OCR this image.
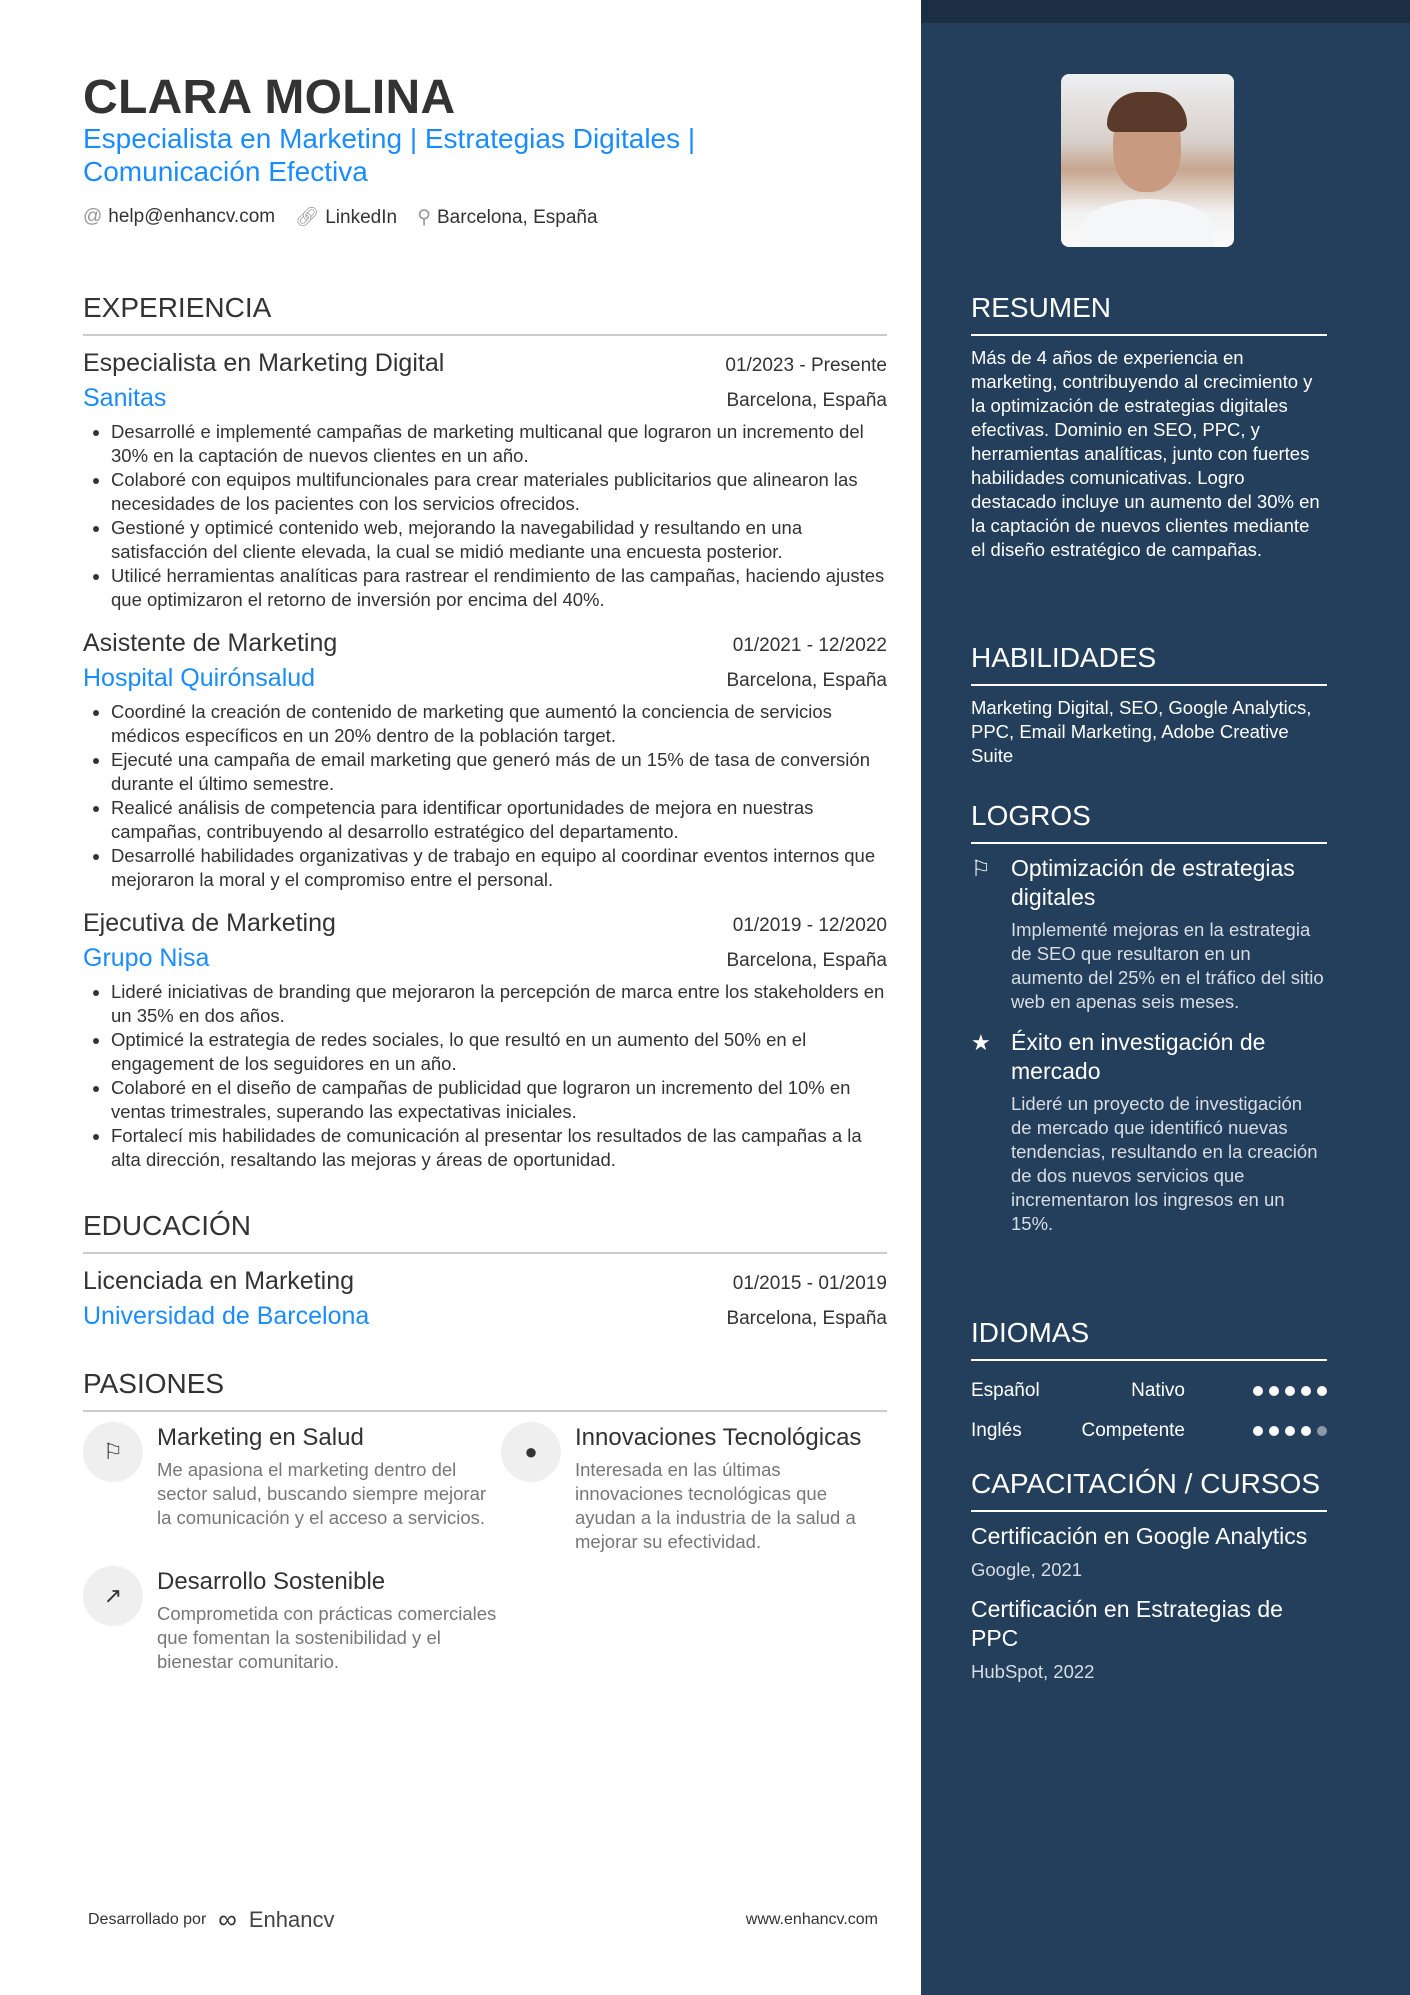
CLARA MOLINA
Especialista en Marketing | Estrategias Digitales | Comunicación Efectiva
@ help@enhancv.com 🔗︎ LinkedIn ⚲ Barcelona, España
EXPERIENCIA
Especialista en Marketing Digital	01/2023 - Presente
Sanitas	Barcelona, España
• Desarrollé e implementé campañas de marketing multicanal que lograron un incremento del 30% en la captación de nuevos clientes en un año.
• Colaboré con equipos multifuncionales para crear materiales publicitarios que alinearon las necesidades de los pacientes con los servicios ofrecidos.
• Gestioné y optimicé contenido web, mejorando la navegabilidad y resultando en una satisfacción del cliente elevada, la cual se midió mediante una encuesta posterior.
• Utilicé herramientas analíticas para rastrear el rendimiento de las campañas, haciendo ajustes que optimizaron el retorno de inversión por encima del 40%.
Asistente de Marketing	01/2021 - 12/2022
Hospital Quirónsalud	Barcelona, España
• Coordiné la creación de contenido de marketing que aumentó la conciencia de servicios médicos específicos en un 20% dentro de la población target.
• Ejecuté una campaña de email marketing que generó más de un 15% de tasa de conversión durante el último semestre.
• Realicé análisis de competencia para identificar oportunidades de mejora en nuestras campañas, contribuyendo al desarrollo estratégico del departamento.
• Desarrollé habilidades organizativas y de trabajo en equipo al coordinar eventos internos que mejoraron la moral y el compromiso entre el personal.
Ejecutiva de Marketing	01/2019 - 12/2020
Grupo Nisa	Barcelona, España
• Lideré iniciativas de branding que mejoraron la percepción de marca entre los stakeholders en un 35% en dos años.
• Optimicé la estrategia de redes sociales, lo que resultó en un aumento del 50% en el engagement de los seguidores en un año.
• Colaboré en el diseño de campañas de publicidad que lograron un incremento del 10% en ventas trimestrales, superando las expectativas iniciales.
• Fortalecí mis habilidades de comunicación al presentar los resultados de las campañas a la alta dirección, resaltando las mejoras y áreas de oportunidad.
EDUCACIÓN
Licenciada en Marketing	01/2015 - 01/2019
Universidad de Barcelona	Barcelona, España
PASIONES
⚐
Marketing en Salud
Me apasiona el marketing dentro del sector salud, buscando siempre mejorar la comunicación y el acceso a servicios.
●
Innovaciones Tecnológicas
Interesada en las últimas innovaciones tecnológicas que ayudan a la industria de la salud a mejorar su efectividad.
↗
Desarrollo Sostenible
Comprometida con prácticas comerciales que fomentan la sostenibilidad y el bienestar comunitario.
Desarrollado por ∞ Enhancv	www.enhancv.com
RESUMEN
Más de 4 años de experiencia en marketing, contribuyendo al crecimiento y la optimización de estrategias digitales efectivas. Dominio en SEO, PPC, y herramientas analíticas, junto con fuertes habilidades comunicativas. Logro destacado incluye un aumento del 30% en la captación de nuevos clientes mediante el diseño estratégico de campañas.
HABILIDADES
Marketing Digital, SEO, Google Analytics, PPC, Email Marketing, Adobe Creative Suite
LOGROS
⚐ Optimización de estrategias digitales
Implementé mejoras en la estrategia de SEO que resultaron en un aumento del 25% en el tráfico del sitio web en apenas seis meses.
★ Éxito en investigación de mercado
Lideré un proyecto de investigación de mercado que identificó nuevas tendencias, resultando en la creación de dos nuevos servicios que incrementaron los ingresos en un 15%.
IDIOMAS
Español	Nativo
Inglés	Competente
CAPACITACIÓN / CURSOS
Certificación en Google Analytics
Google, 2021
Certificación en Estrategias de PPC
HubSpot, 2022
